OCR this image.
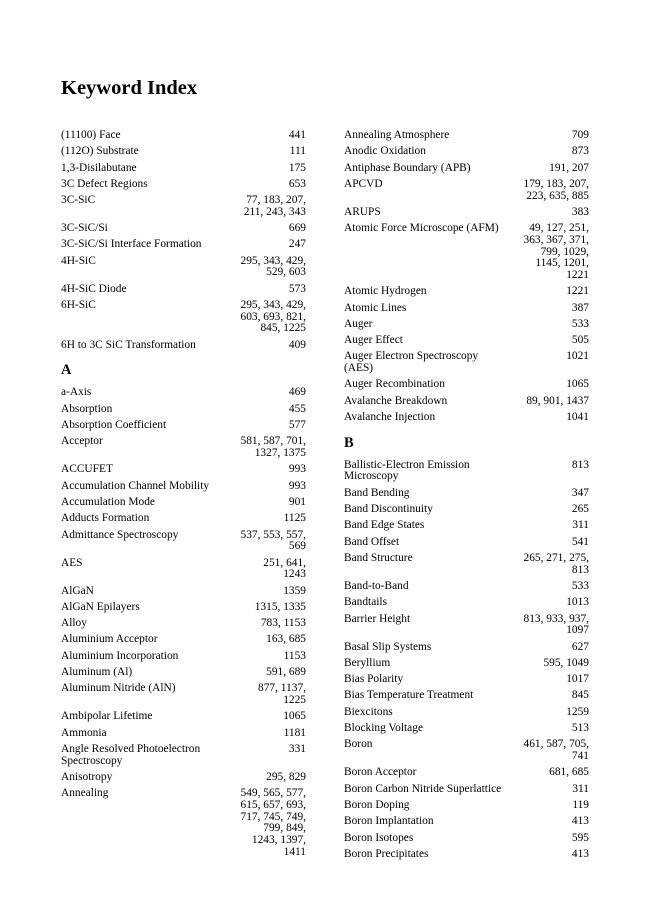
Keyword Index
(11100) Face	441
(112O) Substrate	111
1,3-Disilabutane	175
3C Defect Regions	653
3C-SiC	77, 183, 207,
211, 243, 343
3C-SiC/Si	669
3C-SiC/Si Interface Formation	247
4H-SiC	295, 343, 429,
529, 603
4H-SiC Diode	573
6H-SiC	295, 343, 429,
603, 693, 821,
845, 1225
6H to 3C SiC Transformation	409
A
a-Axis	469
Absorption	455
Absorption Coefficient	577
Acceptor	581, 587, 701,
1327, 1375
ACCUFET	993
Accumulation Channel Mobility	993
Accumulation Mode	901
Adducts Formation	1125
Admittance Spectroscopy	537, 553, 557,
569
AES	251, 641,
1243
AlGaN	1359
AlGaN Epilayers	1315, 1335
Alloy	783, 1153
Aluminium Acceptor	163, 685
Aluminium Incorporation	1153
Aluminum (Al)	591, 689
Aluminum Nitride (AlN)	877, 1137,
1225
Ambipolar Lifetime	1065
Ammonia	1181
Angle Resolved Photoelectron Spectroscopy
331
Anisotropy	295, 829
Annealing	549, 565, 577,
615, 657, 693,
717, 745, 749,
799, 849,
1243, 1397,
1411
Annealing Atmosphere	709
Anodic Oxidation	873
Antiphase Boundary (APB)	191, 207
APCVD	179, 183, 207,
223, 635, 885
ARUPS	383
Atomic Force Microscope (AFM)	49, 127, 251,
363, 367, 371,
799, 1029,
1145, 1201,
1221
Atomic Hydrogen	1221
Atomic Lines	387
Auger	533
Auger Effect	505
Auger Electron Spectroscopy (AES)
1021
Auger Recombination	1065
Avalanche Breakdown	89, 901, 1437
Avalanche Injection	1041
B
Ballistic-Electron Emission Microscopy
813
Band Bending	347
Band Discontinuity	265
Band Edge States	311
Band Offset	541
Band Structure	265, 271, 275,
813
Band-to-Band	533
Bandtails	1013
Barrier Height	813, 933, 937,
1097
Basal Slip Systems	627
Beryllium	595, 1049
Bias Polarity	1017
Bias Temperature Treatment	845
Biexcitons	1259
Blocking Voltage	513
Boron	461, 587, 705,
741
Boron Acceptor	681, 685
Boron Carbon Nitride Superlattice	311
Boron Doping	119
Boron Implantation	413
Boron Isotopes	595
Boron Precipitates	413
